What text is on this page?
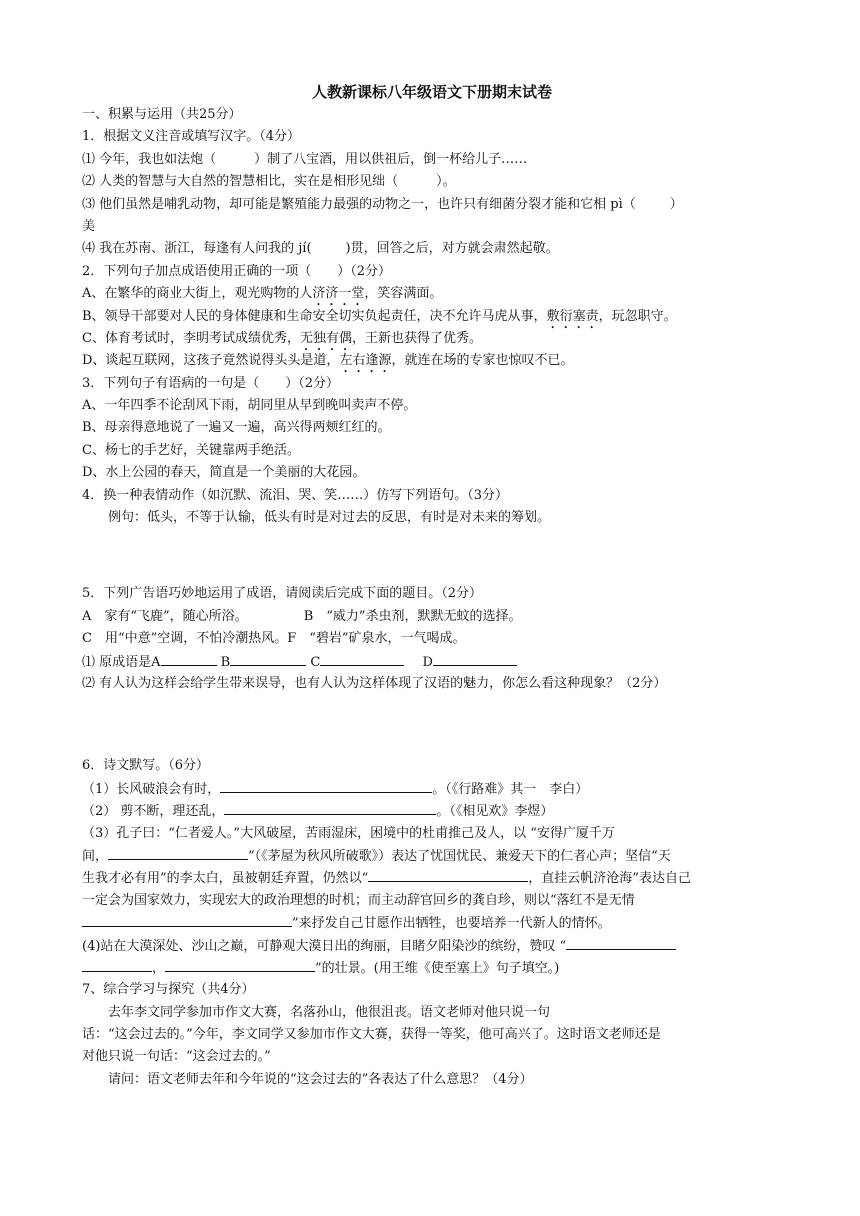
人教新课标八年级语文下册期末试卷
一、积累与运用（共25分）
1．根据文义注音或填写汉字。（4分）
⑴ 今年，我也如法炮（	）制了八宝酒，用以供祖后，倒一杯给儿子……
⑵ 人类的智慧与大自然的智慧相比，实在是相形见绌（	）。
⑶ 他们虽然是哺乳动物，却可能是繁殖能力最强的动物之一，也许只有细菌分裂才能和它相 pì（	）
美
⑷ 我在苏南、浙江，每逢有人问我的 jí(	)贯，回答之后，对方就会肃然起敬。
2．下列句子加点成语使用正确的一项（　　）（2分）
A、在繁华的商业大街上，观光购物的人济济一堂，笑容满面。
B、领导干部要对人民的身体健康和生命安全切实负起责任，决不允许马虎从事，敷衍塞责，玩忽职守。
C、体育考试时，李明考试成绩优秀，无独有偶，王新也获得了优秀。
D、谈起互联网，这孩子竟然说得头头是道，左右逢源，就连在场的专家也惊叹不已。
3．下列句子有语病的一句是（　　）（2分）
A、一年四季不论刮风下雨，胡同里从早到晚叫卖声不停。
B、母亲得意地说了一遍又一遍，高兴得两颊红红的。
C、杨七的手艺好，关键靠两手绝活。
D、水上公园的春天，简直是一个美丽的大花园。
4．换一种表情动作（如沉默、流泪、哭、笑……）仿写下列语句。（3分）
例句：低头，不等于认输，低头有时是对过去的反思，有时是对未来的筹划。
5．下列广告语巧妙地运用了成语，请阅读后完成下面的题目。（2分）
A　家有“飞鹿”，随心所浴。	B　“威力”杀虫剂，默默无蚊的选择。
C　用“中意”空调，不怕冷潮热风。F　“碧岩”矿泉水，一气喝成。
⑴ 原成语是A	B	C	D
⑵ 有人认为这样会给学生带来误导，也有人认为这样体现了汉语的魅力，你怎么看这种现象？（2分）
6．诗文默写。（6分）
（1）长风破浪会有时，	。（《行路难》其一　李白）
（2） 剪不断，理还乱，	。（《相见欢》李煜）
（3）孔子曰：“仁者爱人。”大风破屋，苦雨湿床，困境中的杜甫推己及人，以 “安得广厦千万
间，	”（《茅屋为秋风所破歌》）表达了忧国忧民、兼爱天下的仁者心声；坚信“天
生我才必有用”的李太白，虽被朝廷弃置，仍然以“	，直挂云帆济沧海”表达自己
一定会为国家效力，实现宏大的政治理想的时机；而主动辞官回乡的龚自珍，则以“落红不是无情
”来抒发自己甘愿作出牺牲，也要培养一代新人的情怀。
(4)站在大漠深处、沙山之巅，可静观大漠日出的绚丽，目睹夕阳染沙的缤纷，赞叹 “
，	”的壮景。(用王维《使至塞上》句子填空。)
7、综合学习与探究（共4分）
去年李文同学参加市作文大赛，名落孙山，他很沮丧。语文老师对他只说一句
话：“这会过去的。”今年，李文同学又参加市作文大赛，获得一等奖，他可高兴了。这时语文老师还是
对他只说一句话：“这会过去的。”
请问：语文老师去年和今年说的“这会过去的”各表达了什么意思？（4分）
